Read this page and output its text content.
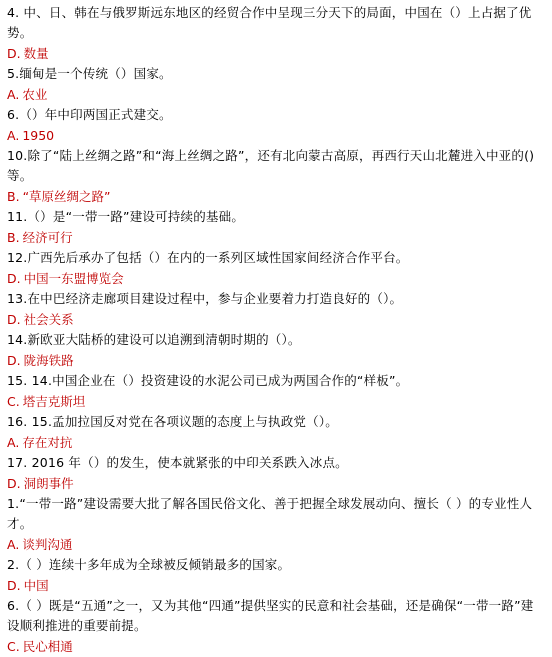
4. 中、日、韩在与俄罗斯远东地区的经贸合作中呈现三分天下的局面，中国在（）上占据了优势。
D. 数量
5.缅甸是一个传统（）国家。
A. 农业
6.（）年中印两国正式建交。
A. 1950
10.除了“陆上丝绸之路”和“海上丝绸之路”，还有北向蒙古高原，再西行天山北麓进入中亚的()等。
B. “草原丝绸之路”
11.（）是“一带一路”建设可持续的基础。
B. 经济可行
12.广西先后承办了包括（）在内的一系列区域性国家间经济合作平台。
D. 中国一东盟博览会
13.在中巴经济走廊项目建设过程中，参与企业要着力打造良好的（）。
D. 社会关系
14.新欧亚大陆桥的建设可以追溯到清朝时期的（）。
D. 陇海铁路
15. 14.中国企业在（）投资建设的水泥公司已成为两国合作的“样板”。
C. 塔吉克斯坦
16. 15.孟加拉国反对党在各项议题的态度上与执政党（）。
A. 存在对抗
17. 2016 年（）的发生，使本就紧张的中印关系跌入冰点。
D. 洞朗事件
1.“一带一路”建设需要大批了解各国民俗文化、善于把握全球发展动向、擅长（ ）的专业性人才。
A. 谈判沟通
2.（ ）连续十多年成为全球被反倾销最多的国家。
D. 中国
6.（ ）既是“五通”之一，又为其他“四通”提供坚实的民意和社会基础，还是确保“一带一路”建设顺利推进的重要前提。
C. 民心相通
